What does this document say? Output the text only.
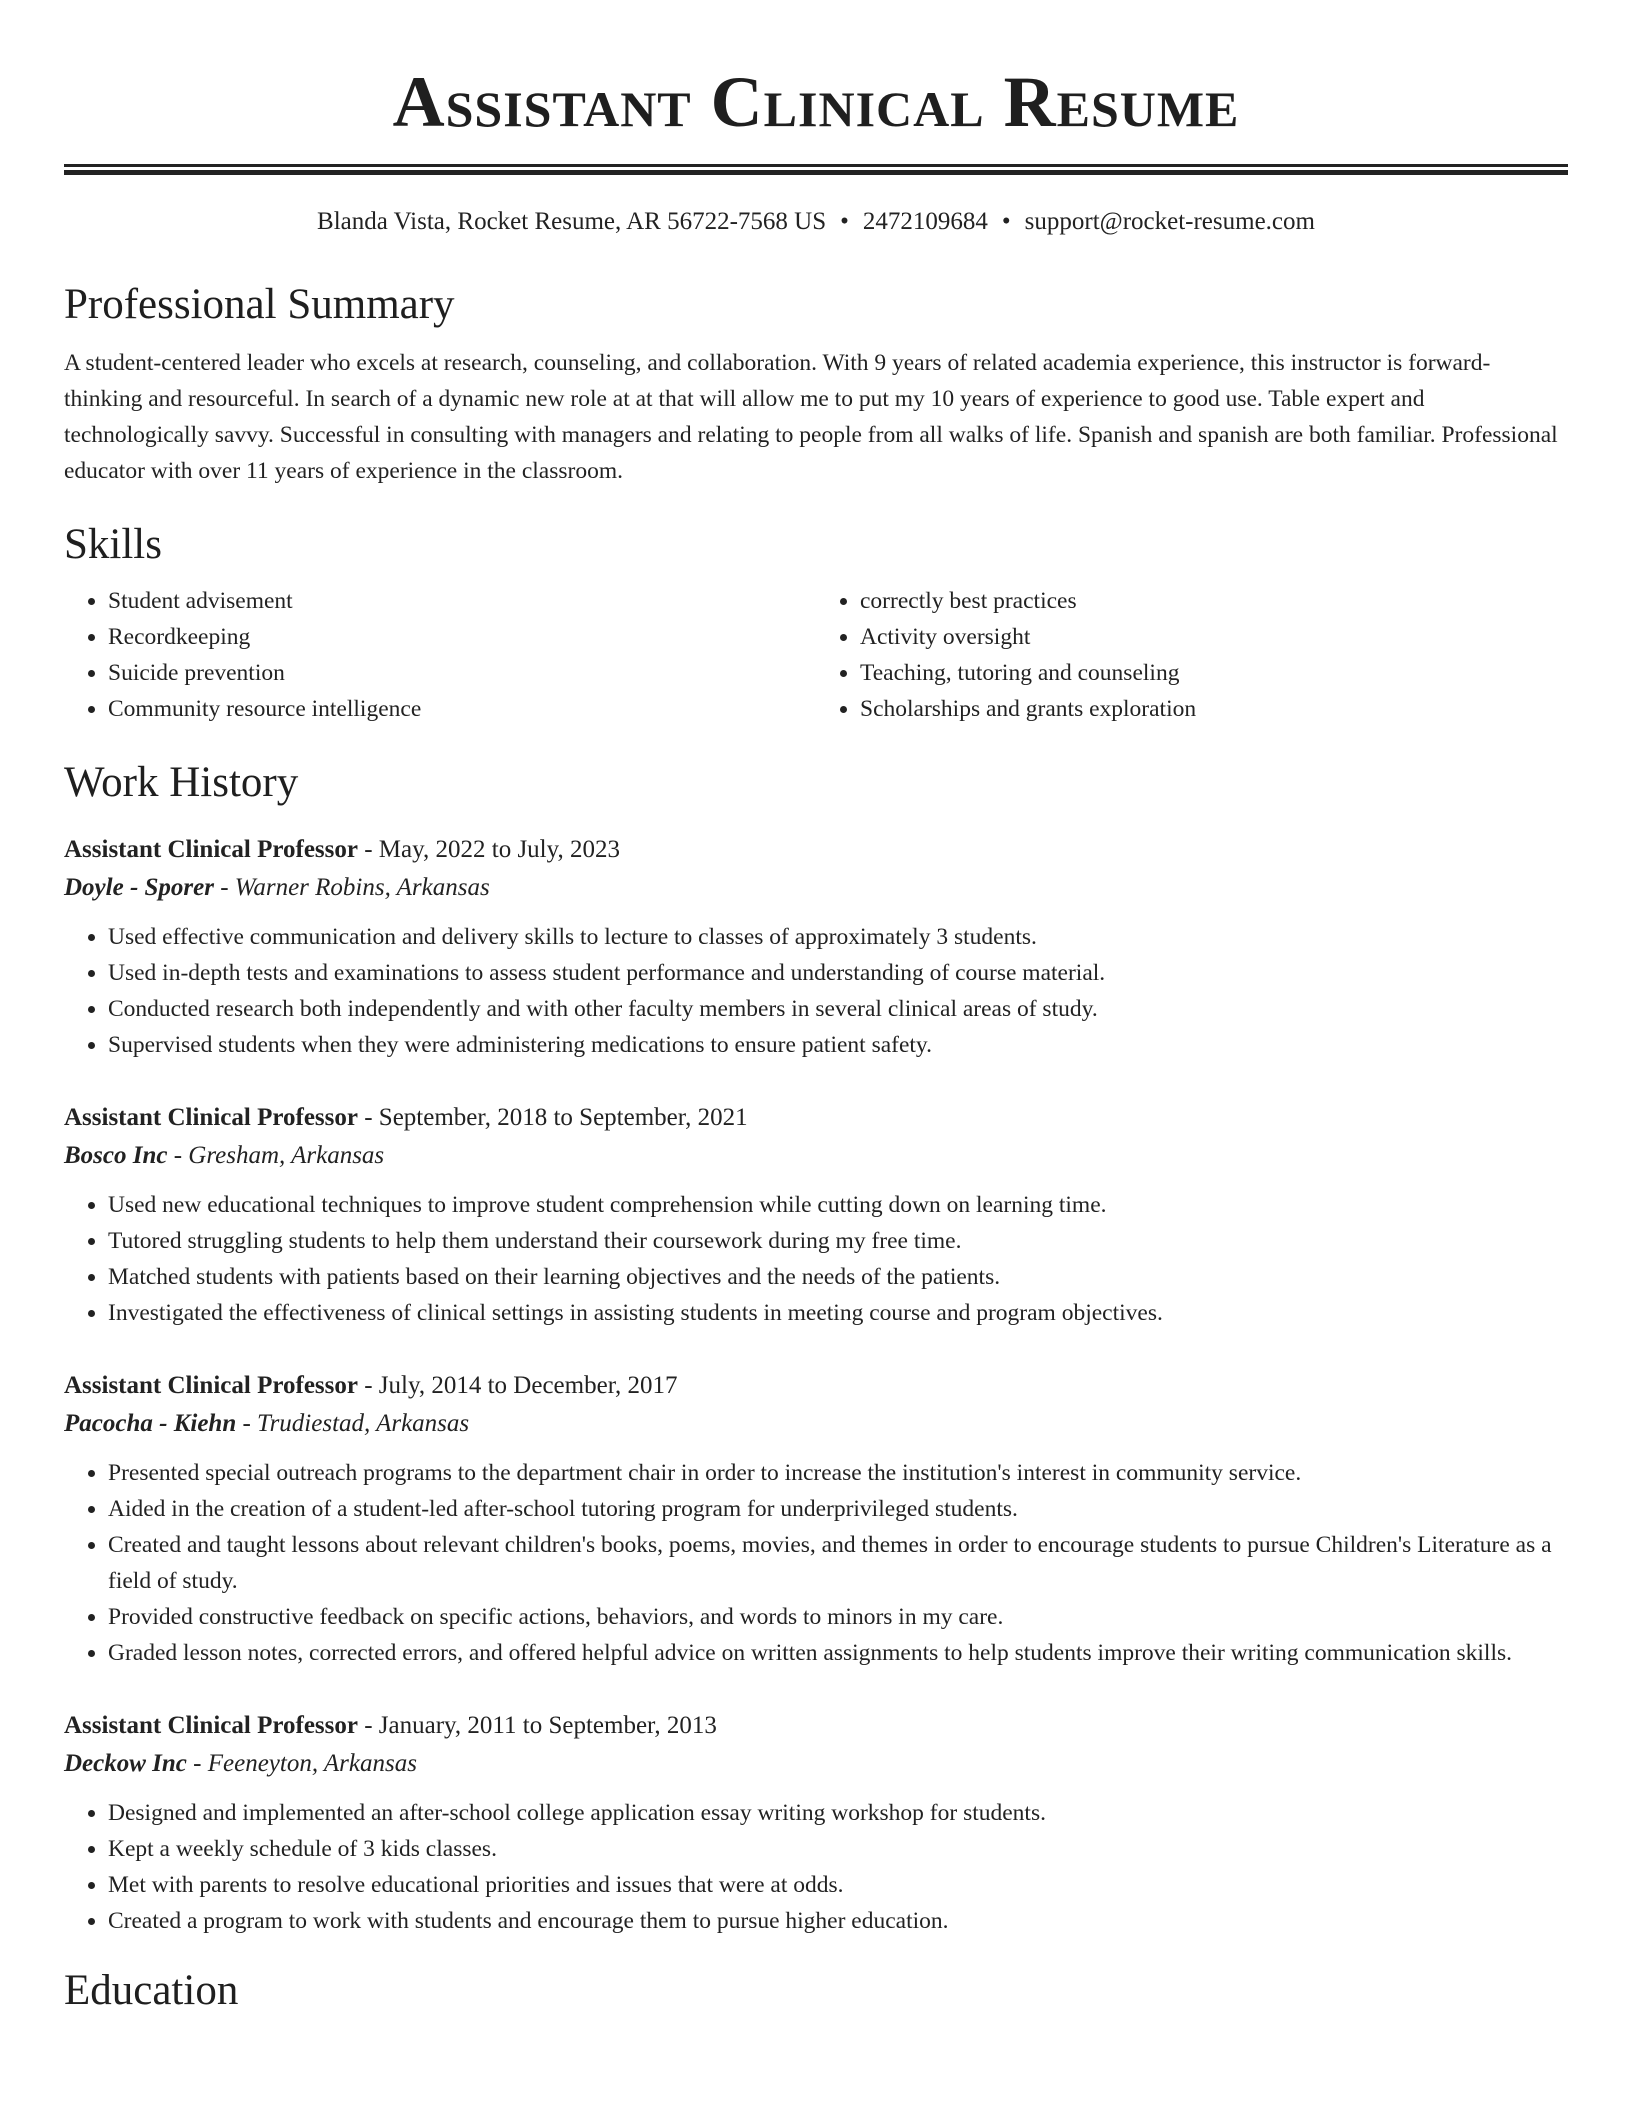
Assistant Clinical Resume
Blanda Vista, Rocket Resume, AR 56722-7568 US • 2472109684 • support@rocket-resume.com
Professional Summary

A student-centered leader who excels at research, counseling, and collaboration. With 9 years of related academia experience, this instructor is forward-thinking and resourceful. In search of a dynamic new role at at that will allow me to put my 10 years of experience to good use. Table expert and technologically savvy. Successful in consulting with managers and relating to people from all walks of life. Spanish and spanish are both familiar. Professional educator with over 11 years of experience in the classroom.

Skills
• Student advisement
• Recordkeeping
• Suicide prevention
• Community resource intelligence
• correctly best practices
• Activity oversight
• Teaching, tutoring and counseling
• Scholarships and grants exploration
Work History
Assistant Clinical Professor - May, 2022 to July, 2023
Doyle - Sporer - Warner Robins, Arkansas
• Used effective communication and delivery skills to lecture to classes of approximately 3 students.
• Used in-depth tests and examinations to assess student performance and understanding of course material.
• Conducted research both independently and with other faculty members in several clinical areas of study.
• Supervised students when they were administering medications to ensure patient safety.
Assistant Clinical Professor - September, 2018 to September, 2021
Bosco Inc - Gresham, Arkansas
• Used new educational techniques to improve student comprehension while cutting down on learning time.
• Tutored struggling students to help them understand their coursework during my free time.
• Matched students with patients based on their learning objectives and the needs of the patients.
• Investigated the effectiveness of clinical settings in assisting students in meeting course and program objectives.
Assistant Clinical Professor - July, 2014 to December, 2017
Pacocha - Kiehn - Trudiestad, Arkansas
• Presented special outreach programs to the department chair in order to increase the institution's interest in community service.
• Aided in the creation of a student-led after-school tutoring program for underprivileged students.
• Created and taught lessons about relevant children's books, poems, movies, and themes in order to encourage students to pursue Children's Literature as a field of study.
• Provided constructive feedback on specific actions, behaviors, and words to minors in my care.
• Graded lesson notes, corrected errors, and offered helpful advice on written assignments to help students improve their writing communication skills.
Assistant Clinical Professor - January, 2011 to September, 2013
Deckow Inc - Feeneyton, Arkansas
• Designed and implemented an after-school college application essay writing workshop for students.
• Kept a weekly schedule of 3 kids classes.
• Met with parents to resolve educational priorities and issues that were at odds.
• Created a program to work with students and encourage them to pursue higher education.
Education
